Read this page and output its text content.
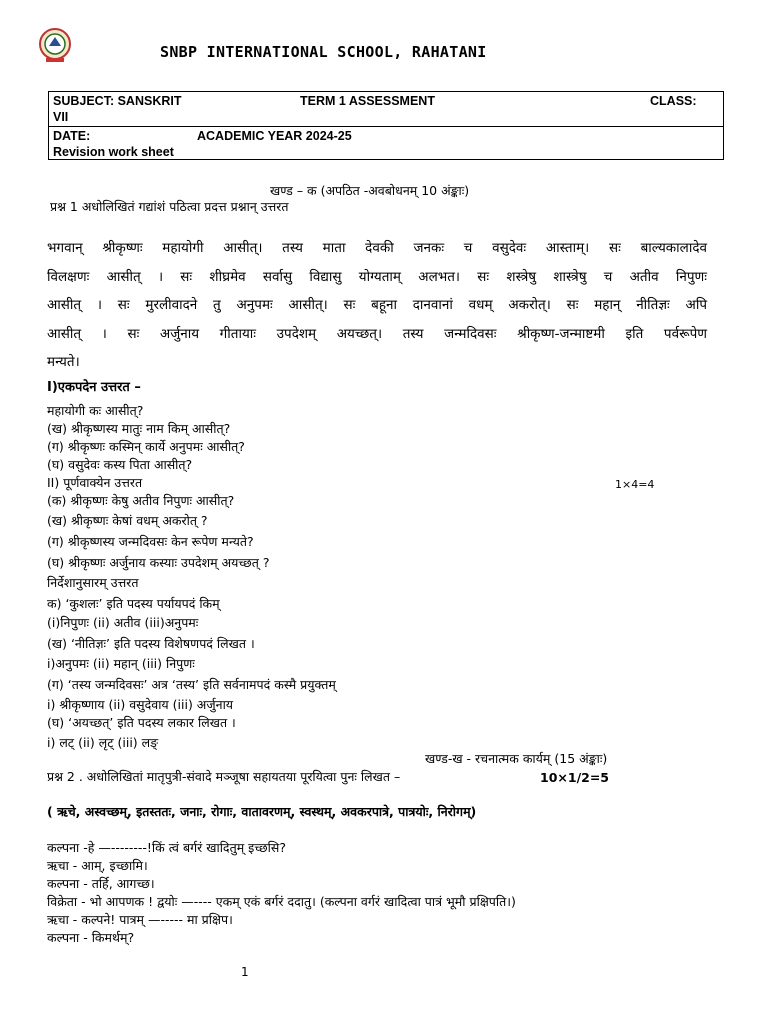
SNBP INTERNATIONAL SCHOOL, RAHATANI
SUBJECT: SANSKRIT	TERM 1 ASSESSMENT	CLASS:
VII
DATE:	ACADEMIC YEAR 2024-25
Revision work sheet
खण्ड – क (अपठित -अवबोधनम् 10 अंङ्काः)
प्रश्न 1 अधोलिखितं गद्यांशं पठित्वा प्रदत्त प्रश्नान् उत्तरत
भगवान् श्रीकृष्णः महायोगी आसीत्। तस्य माता देवकी जनकः च वसुदेवः आस्ताम्। सः बाल्यकालादेव
विलक्षणः आसीत् । सः शीघ्रमेव सर्वासु विद्यासु योग्यताम् अलभत। सः शस्त्रेषु शास्त्रेषु च अतीव निपुणः
आसीत् । सः मुरलीवादने तु अनुपमः आसीत्। सः बहूना दानवानां वधम् अकरोत्। सः महान् नीतिज्ञः अपि
आसीत् । सः अर्जुनाय गीतायाः उपदेशम् अयच्छत्। तस्य जन्मदिवसः श्रीकृष्ण-जन्माष्टमी इति पर्वरूपेण
मन्यते।
I)एकपदेन उत्तरत –
महायोगी कः आसीत्?
(ख) श्रीकृष्णस्य मातुः नाम किम् आसीत्?
(ग) श्रीकृष्णः कस्मिन् कार्ये अनुपमः आसीत्?
(घ) वसुदेवः कस्य पिता आसीत्?
II) पूर्णवाक्येन उत्तरत	1×4=4
(क) श्रीकृष्णः केषु अतीव निपुणः आसीत्?
(ख) श्रीकृष्णः केषां वधम् अकरोत् ?
(ग) श्रीकृष्णस्य जन्मदिवसः केन रूपेण मन्यते?
(घ) श्रीकृष्णः अर्जुनाय कस्याः उपदेशम् अयच्छत् ?
निर्देशानुसारम् उत्तरत
क) ‘कुशलः’ इति पदस्य पर्यायपदं किम्
(i)निपुणः (ii) अतीव (iii)अनुपमः
(ख) ‘नीतिज्ञः’ इति पदस्य विशेषणपदं लिखत ।
i)अनुपमः (ii) महान् (iii) निपुणः
(ग) ‘तस्य जन्मदिवसः’ अत्र ‘तस्य’ इति सर्वनामपदं कस्मै प्रयुक्तम्
i) श्रीकृष्णाय (ii) वसुदेवाय (iii) अर्जुनाय
(घ) ‘अयच्छत्’ इति पदस्य लकार लिखत ।
i) लट् (ii) लृट् (iii) लङ्
खण्ड-ख - रचनात्मक कार्यम् (15 अंङ्काः)
प्रश्न 2 . अधोलिखितां मातृपुत्री-संवादे मञ्जूषा सहायतया पूरयित्वा पुनः लिखत –	10×1/2=5
( ऋचे, अस्वच्छम्, इतस्ततः, जनाः, रोगाः, वातावरणम्, स्वस्थम्, अवकरपात्रे, पात्रयोः, निरोगम्)
कल्पना -हे —--------!किं त्वं बर्गरं खादितुम् इच्छसि?
ऋचा - आम्, इच्छामि।
कल्पना - तर्हि, आगच्छ।
विक्रेता - भो आपणक ! द्वयोः —---- एकम् एकं बर्गरं ददातु। (कल्पना वर्गरं खादित्वा पात्रं भूमौ प्रक्षिपति।)
ऋचा - कल्पने! पात्रम् —----- मा प्रक्षिप।
कल्पना - किमर्थम्?
1
